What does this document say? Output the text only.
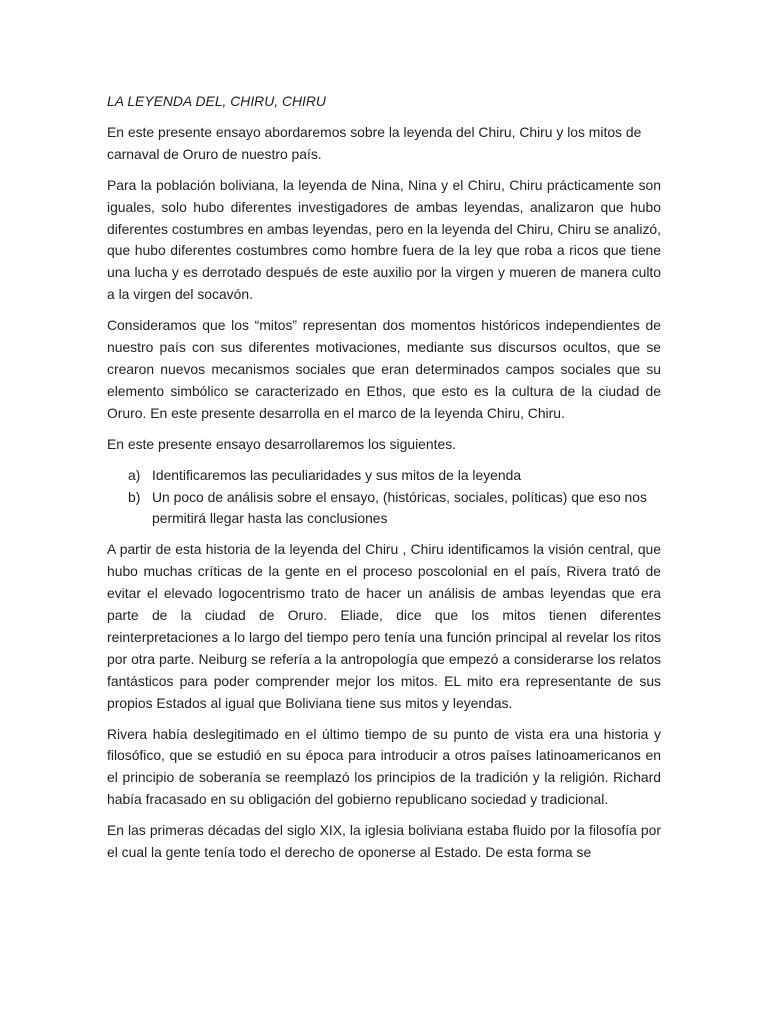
LA LEYENDA DEL, CHIRU, CHIRU

En este presente ensayo abordaremos sobre la leyenda del Chiru, Chiru y los mitos de carnaval de Oruro de nuestro país.

Para la población boliviana, la leyenda de Nina, Nina y el Chiru, Chiru prácticamente son iguales, solo hubo diferentes investigadores de ambas leyendas, analizaron que hubo diferentes costumbres en ambas leyendas, pero en la leyenda del Chiru, Chiru se analizó, que hubo diferentes costumbres como hombre fuera de la ley que roba a ricos que tiene una lucha y es derrotado después de este auxilio por la virgen y mueren de manera culto a la virgen del socavón.

Consideramos que los “mitos” representan dos momentos históricos independientes de nuestro país con sus diferentes motivaciones, mediante sus discursos ocultos, que se crearon nuevos mecanismos sociales que eran determinados campos sociales que su elemento simbólico se caracterizado en Ethos, que esto es la cultura de la ciudad de Oruro. En este presente desarrolla en el marco de la leyenda Chiru, Chiru.

En este presente ensayo desarrollaremos los siguientes.

a) Identificaremos las peculiaridades y sus mitos de la leyenda
b) Un poco de análisis sobre el ensayo, (históricas, sociales, políticas) que eso nos permitirá llegar hasta las conclusiones

A partir de esta historia de la leyenda del Chiru , Chiru identificamos la visión central, que hubo muchas críticas de la gente en el proceso poscolonial en el país, Rivera trató de evitar el elevado logocentrismo trato de hacer un análisis de ambas leyendas que era parte de la ciudad de Oruro. Eliade, dice que los mitos tienen diferentes reinterpretaciones a lo largo del tiempo pero tenía una función principal al revelar los ritos por otra parte. Neiburg se refería a la antropología que empezó a considerarse los relatos fantásticos para poder comprender mejor los mitos. EL mito era representante de sus propios Estados al igual que Boliviana tiene sus mitos y leyendas.

Rivera había deslegitimado en el último tiempo de su punto de vista era una historia y filosófico, que se estudió en su época para introducir a otros países latinoamericanos en el principio de soberanía se reemplazó los principios de la tradición y la religión. Richard había fracasado en su obligación del gobierno republicano sociedad y tradicional.

En las primeras décadas del siglo XIX, la iglesia boliviana estaba fluido por la filosofía por el cual la gente tenía todo el derecho de oponerse al Estado. De esta forma se
